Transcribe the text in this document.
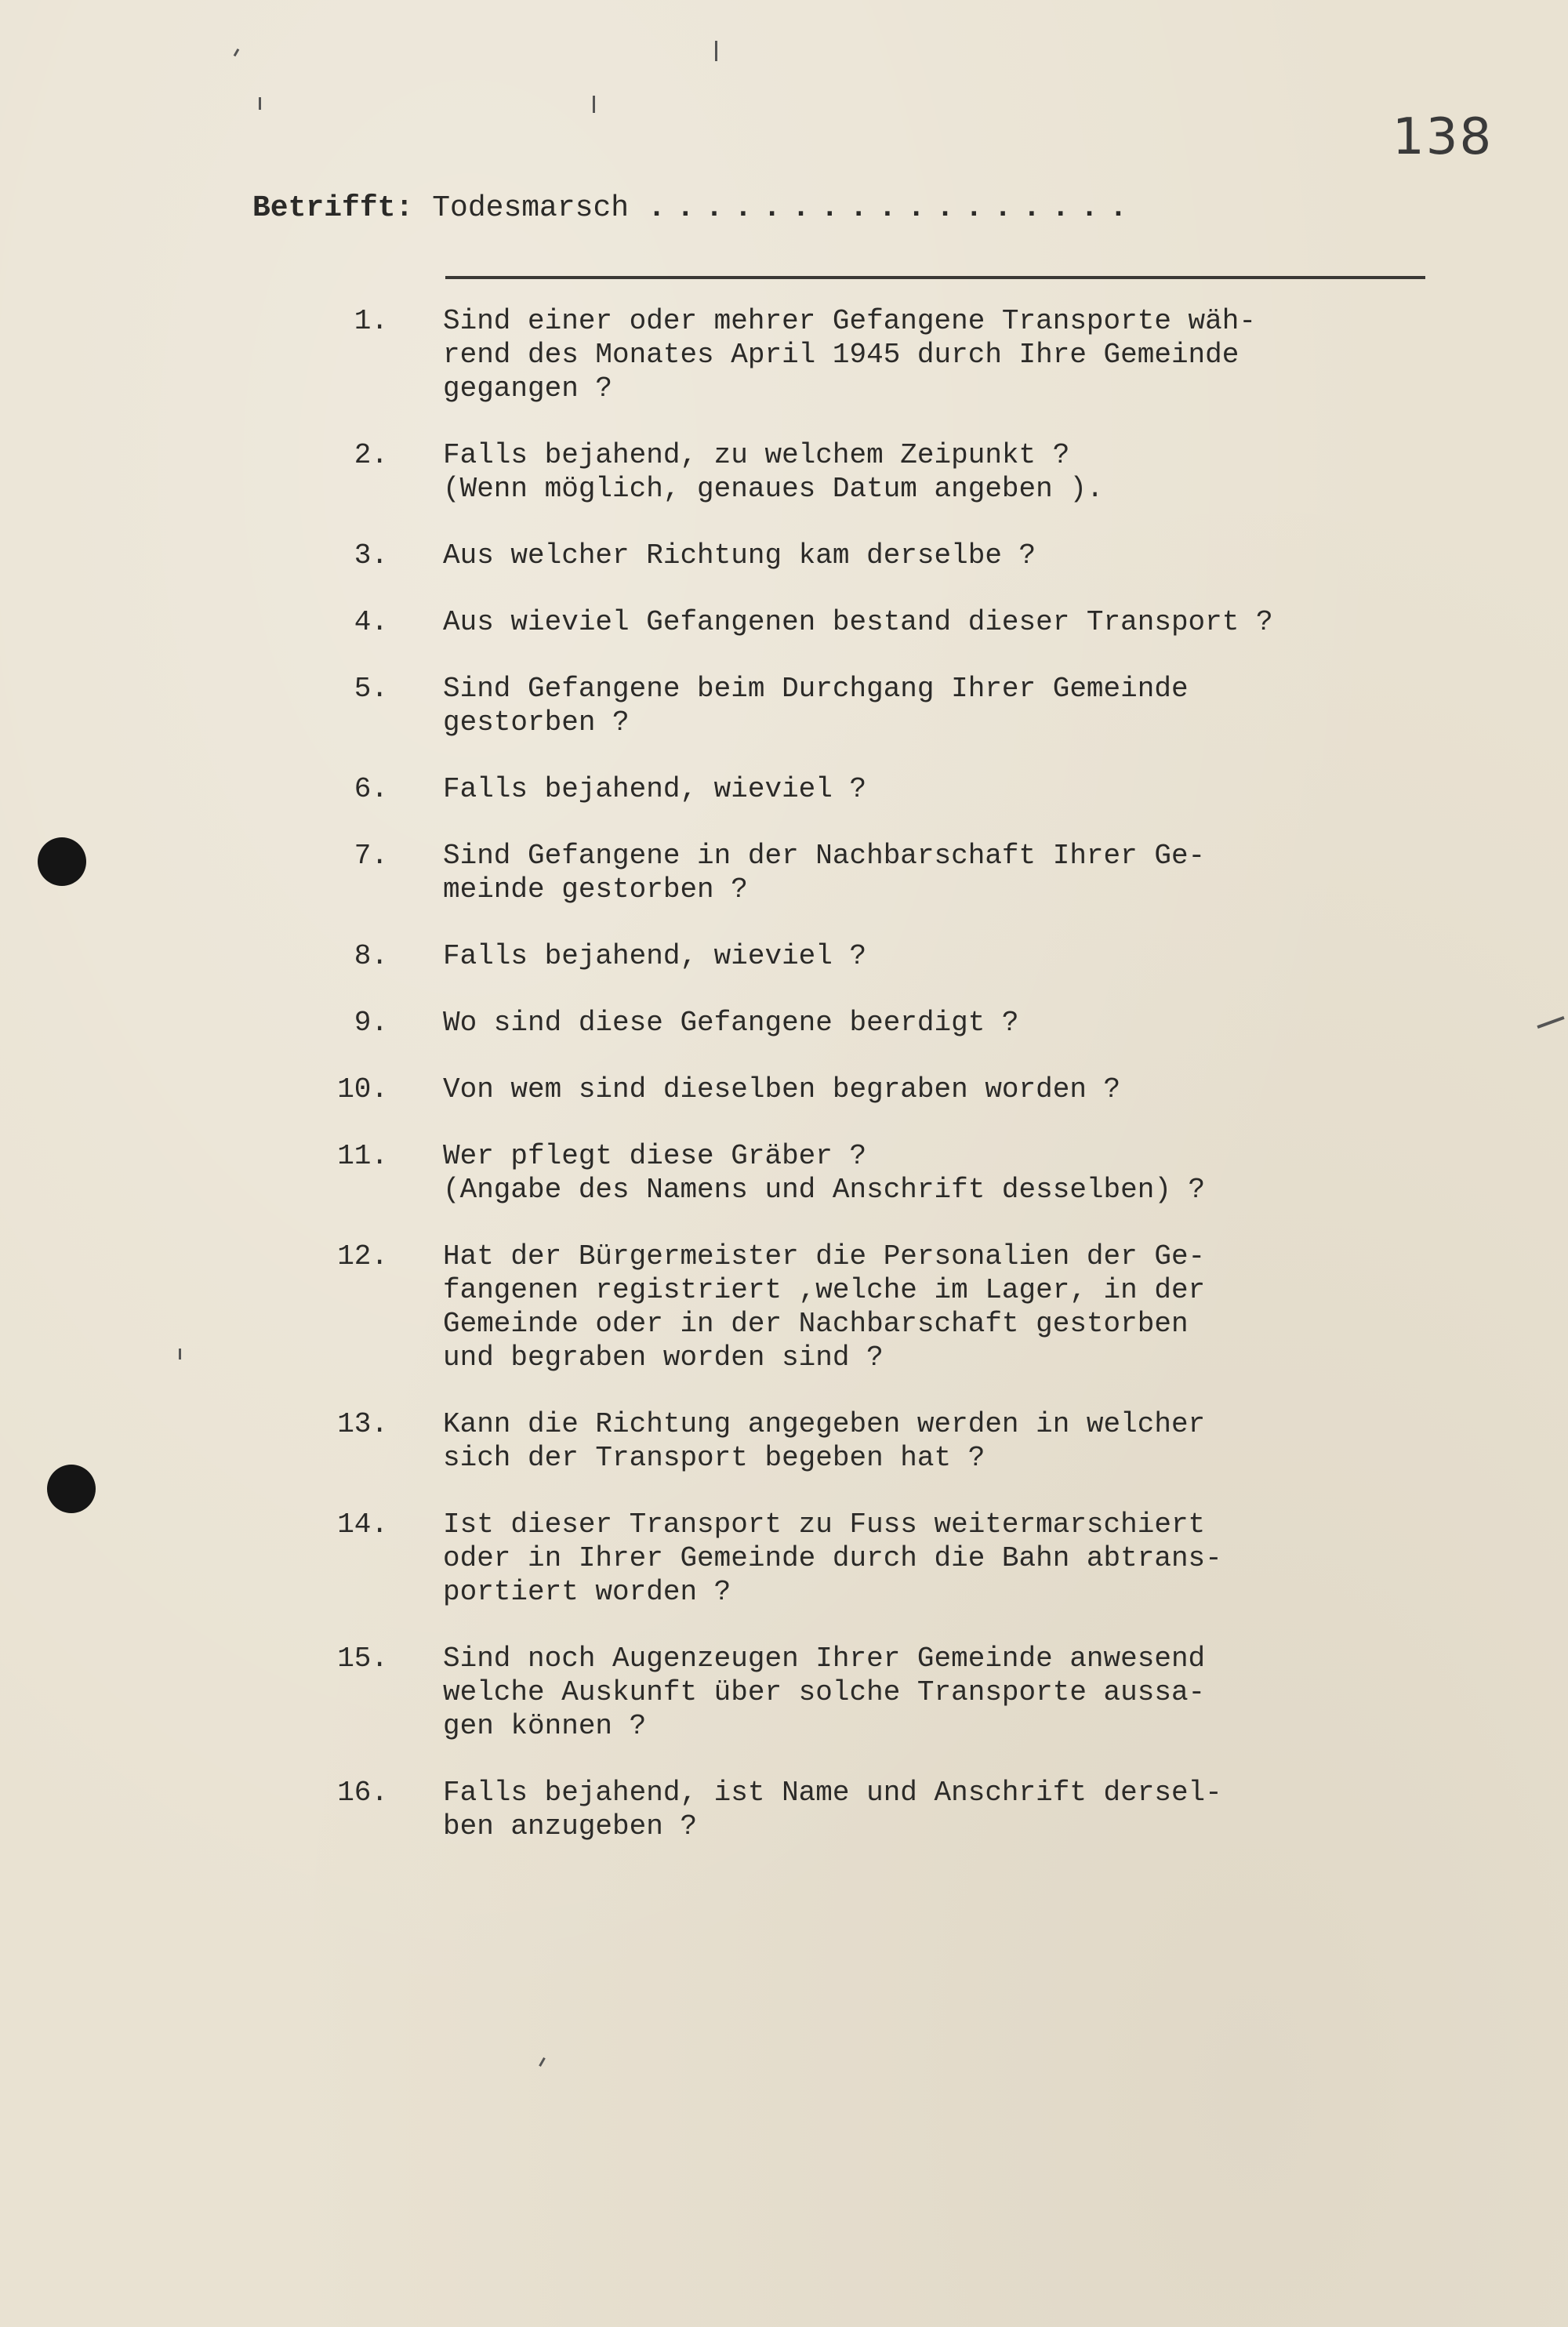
138
Betrifft: Todesmarsch .................
1.	Sind einer oder mehrer Gefangene Transporte wäh-
rend des Monates April 1945 durch Ihre Gemeinde
gegangen ?
2.	Falls bejahend, zu welchem Zeipunkt ?
(Wenn möglich, genaues Datum angeben ).
3.	Aus welcher Richtung kam derselbe ?
4.	Aus wieviel Gefangenen bestand dieser Transport ?
5.	Sind Gefangene beim Durchgang Ihrer Gemeinde
gestorben ?
6.	Falls bejahend, wieviel ?
7.	Sind Gefangene in der Nachbarschaft Ihrer Ge-
meinde gestorben ?
8.	Falls bejahend, wieviel ?
9.	Wo sind diese Gefangene beerdigt ?
10.	Von wem sind dieselben begraben worden ?
11.	Wer pflegt diese Gräber ?
(Angabe des Namens und Anschrift desselben) ?
12.	Hat der Bürgermeister die Personalien der Ge-
fangenen registriert ,welche im Lager, in der
Gemeinde oder in der Nachbarschaft gestorben
und begraben worden sind ?
13.	Kann die Richtung angegeben werden in welcher
sich der Transport begeben hat ?
14.	Ist dieser Transport zu Fuss weitermarschiert
oder in Ihrer Gemeinde durch die Bahn abtrans-
portiert worden ?
15.	Sind noch Augenzeugen Ihrer Gemeinde anwesend
welche Auskunft über solche Transporte aussa-
gen können ?
16.	Falls bejahend, ist Name und Anschrift dersel-
ben anzugeben ?
